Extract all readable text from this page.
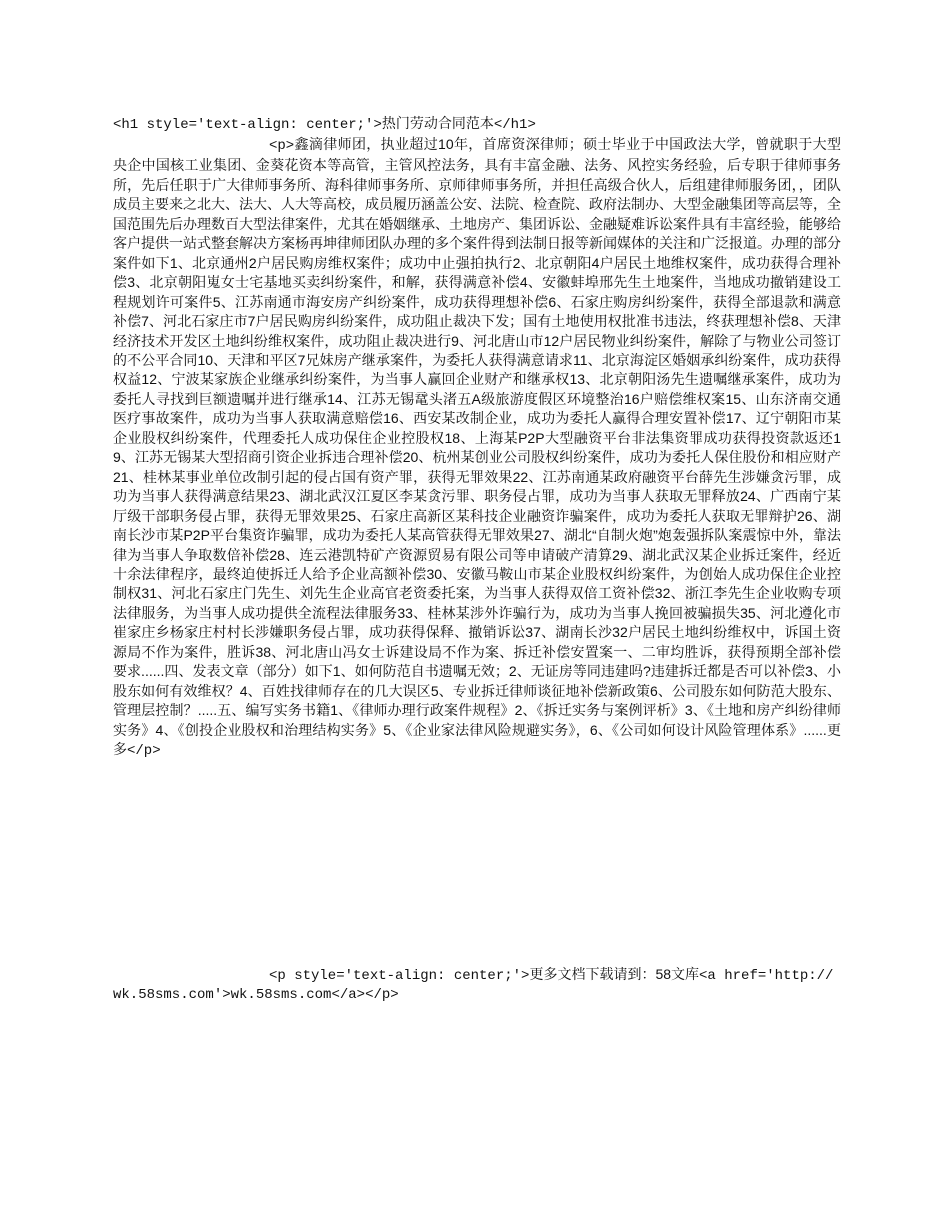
<h1 style='text-align: center;'>热门劳动合同范本</h1>
<p>鑫滴律师团，执业超过10年，首席资深律师；硕士毕业于中国政法大学，曾就职于大型央企中国核工业集团、金葵花资本等高管，主管风控法务，具有丰富金融、法务、风控实务经验，后专职于律师事务所，先后任职于广大律师事务所、海科律师事务所、京师律师事务所，并担任高级合伙人，后组建律师服务团，，团队成员主要来之北大、法大、人大等高校，成员履历涵盖公安、法院、检查院、政府法制办、大型金融集团等高层等，全国范围先后办理数百大型法律案件，尤其在婚姻继承、土地房产、集团诉讼、金融疑难诉讼案件具有丰富经验，能够给客户提供一站式整套解决方案杨再坤律师团队办理的多个案件得到法制日报等新闻媒体的关注和广泛报道。办理的部分案件如下1、北京通州2户居民购房维权案件；成功中止强拍执行2、北京朝阳4户居民土地维权案件，成功获得合理补偿3、北京朝阳嵬女士宅基地买卖纠纷案件，和解，获得满意补偿4、安徽蚌埠邢先生土地案件，当地成功撤销建设工程规划许可案件5、江苏南通市海安房产纠纷案件，成功获得理想补偿6、石家庄购房纠纷案件，获得全部退款和满意补偿7、河北石家庄市7户居民购房纠纷案件，成功阻止裁决下发；国有土地使用权批准书违法，终获理想补偿8、天津经济技术开发区土地纠纷维权案件，成功阻止裁决进行9、河北唐山市12户居民物业纠纷案件，解除了与物业公司签订的不公平合同10、天津和平区7兄妹房产继承案件，为委托人获得满意请求11、北京海淀区婚姻承纠纷案件，成功获得权益12、宁波某家族企业继承纠纷案件，为当事人赢回企业财产和继承权13、北京朝阳汤先生遗嘱继承案件，成功为委托人寻找到巨额遗嘱并进行继承14、江苏无锡鼋头渚五A级旅游度假区环境整治16户赔偿维权案15、山东济南交通医疗事故案件，成功为当事人获取满意赔偿16、西安某改制企业，成功为委托人赢得合理安置补偿17、辽宁朝阳市某企业股权纠纷案件，代理委托人成功保住企业控股权18、上海某P2P大型融资平台非法集资罪成功获得投资款返还19、江苏无锡某大型招商引资企业拆违合理补偿20、杭州某创业公司股权纠纷案件，成功为委托人保住股份和相应财产21、桂林某事业单位改制引起的侵占国有资产罪，获得无罪效果22、江苏南通某政府融资平台薛先生涉嫌贪污罪，成功为当事人获得满意结果23、湖北武汉江夏区李某贪污罪、职务侵占罪，成功为当事人获取无罪释放24、广西南宁某厅级干部职务侵占罪，获得无罪效果25、石家庄高新区某科技企业融资诈骗案件，成功为委托人获取无罪辩护26、湖南长沙市某P2P平台集资诈骗罪，成功为委托人某高管获得无罪效果27、湖北“自制火炮”炮轰强拆队案震惊中外，靠法律为当事人争取数倍补偿28、连云港凯特矿产资源贸易有限公司等申请破产清算29、湖北武汉某企业拆迁案件，经近十余法律程序，最终迫使拆迁人给予企业高额补偿30、安徽马鞍山市某企业股权纠纷案件，为创始人成功保住企业控制权31、河北石家庄门先生、刘先生企业高官老资委托案，为当事人获得双倍工资补偿32、浙江李先生企业收购专项法律服务，为当事人成功提供全流程法律服务33、桂林某涉外诈骗行为，成功为当事人挽回被骗损失35、河北遵化市崔家庄乡杨家庄村村长涉嫌职务侵占罪，成功获得保释、撤销诉讼37、湖南长沙32户居民土地纠纷维权中，诉国土资源局不作为案件，胜诉38、河北唐山冯女士诉建设局不作为案、拆迁补偿安置案一、二审均胜诉，获得预期全部补偿要求......四、发表文章（部分）如下1、如何防范自书遗嘱无效；2、无证房等同违建吗?违建拆迁都是否可以补偿3、小股东如何有效维权？4、百姓找律师存在的几大误区5、专业拆迁律师谈征地补偿新政策6、公司股东如何防范大股东、管理层控制？.....五、编写实务书籍1、《律师办理行政案件规程》2、《拆迁实务与案例评析》3、《土地和房产纠纷律师实务》4、《创投企业股权和治理结构实务》5、《企业家法律风险规避实务》，6、《公司如何设计风险管理体系》......更多</p>
<p style='text-align: center;'>更多文档下载请到：58文库<a href='http://wk.58sms.com'>wk.58sms.com</a></p>
